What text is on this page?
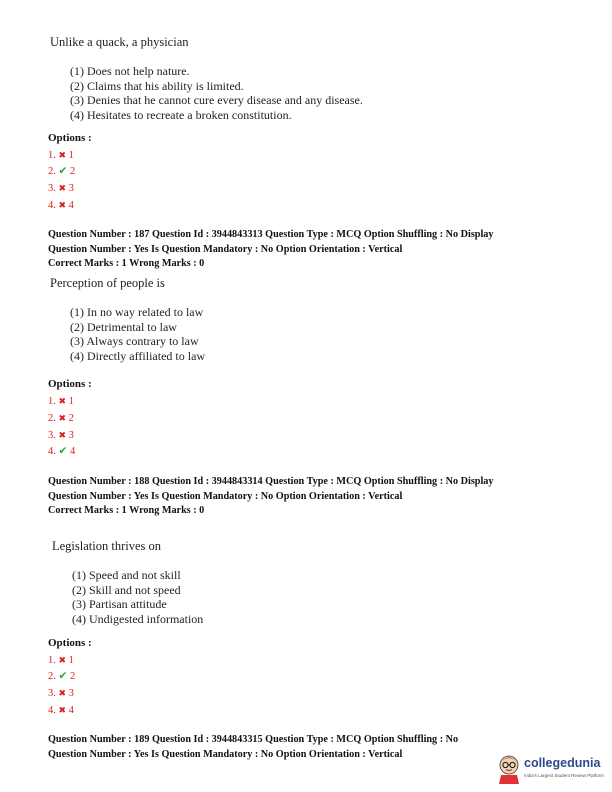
Unlike a quack, a physician
(1) Does not help nature.
(2) Claims that his ability is limited.
(3) Denies that he cannot cure every disease and any disease.
(4) Hesitates to recreate a broken constitution.
Options :
1. ✖ 1
2. ✔ 2
3. ✖ 3
4. ✖ 4
Question Number : 187 Question Id : 3944843313 Question Type : MCQ Option Shuffling : No Display
Question Number : Yes Is Question Mandatory : No Option Orientation : Vertical
Correct Marks : 1 Wrong Marks : 0
Perception of people is
(1) In no way related to law
(2) Detrimental to law
(3) Always contrary to law
(4) Directly affiliated to law
Options :
1. ✖ 1
2. ✖ 2
3. ✖ 3
4. ✔ 4
Question Number : 188 Question Id : 3944843314 Question Type : MCQ Option Shuffling : No Display
Question Number : Yes Is Question Mandatory : No Option Orientation : Vertical
Correct Marks : 1 Wrong Marks : 0
Legislation thrives on
(1) Speed and not skill
(2) Skill and not speed
(3) Partisan attitude
(4) Undigested information
Options :
1. ✖ 1
2. ✔ 2
3. ✖ 3
4. ✖ 4
Question Number : 189 Question Id : 3944843315 Question Type : MCQ Option Shuffling : No
Question Number : Yes Is Question Mandatory : No Option Orientation : Vertical
collegedunia
India's Largest Student Review Platform
